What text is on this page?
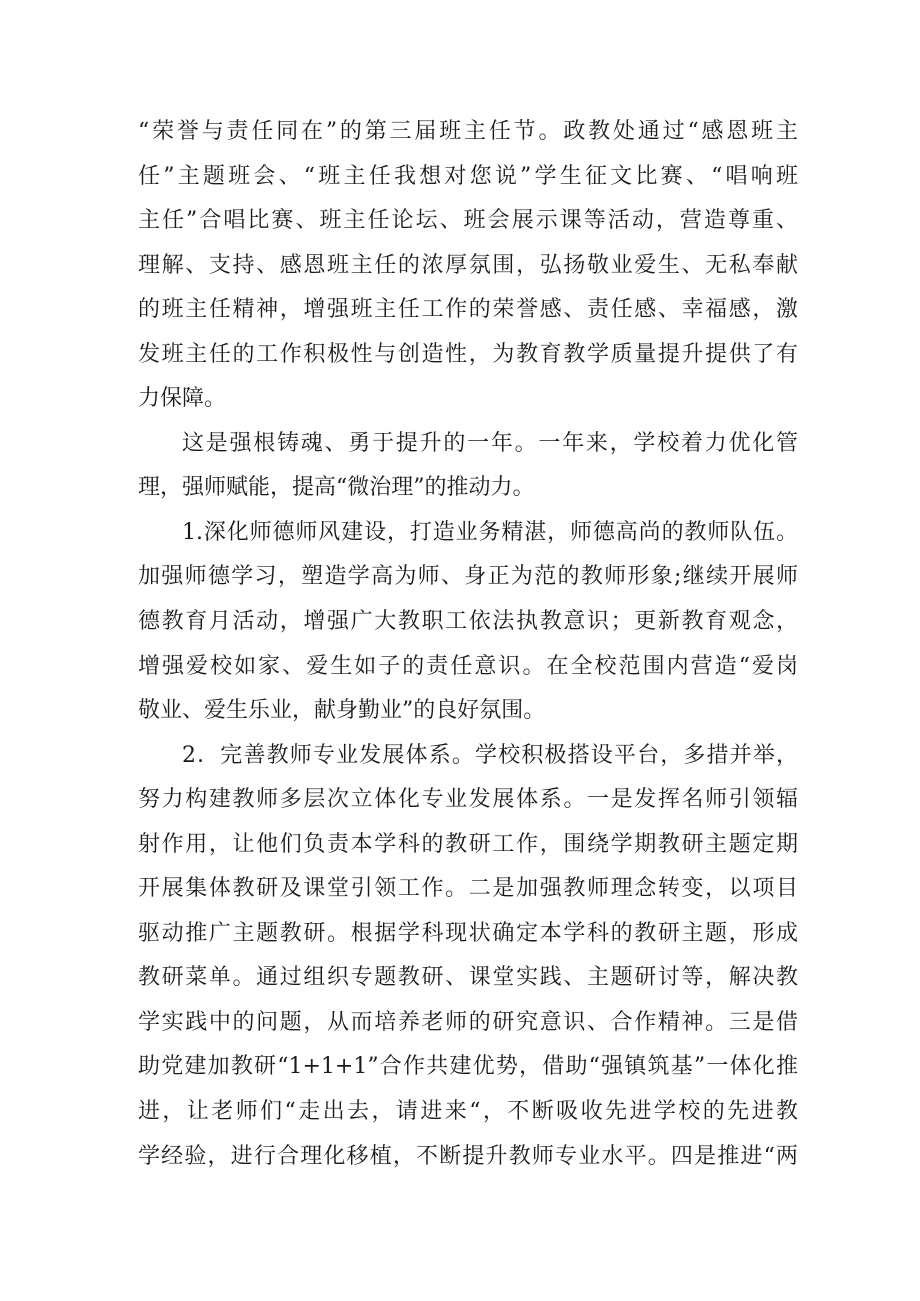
“荣誉与责任同在”的第三届班主任节。政教处通过“感恩班主
任”主题班会、“班主任我想对您说”学生征文比赛、“唱响班
主任”合唱比赛、班主任论坛、班会展示课等活动，营造尊重、
理解、支持、感恩班主任的浓厚氛围，弘扬敬业爱生、无私奉献
的班主任精神，增强班主任工作的荣誉感、责任感、幸福感，激
发班主任的工作积极性与创造性，为教育教学质量提升提供了有
力保障。
这是强根铸魂、勇于提升的一年。一年来，学校着力优化管
理，强师赋能，提高“微治理”的推动力。
1.深化师德师风建设，打造业务精湛，师德高尚的教师队伍。
加强师德学习，塑造学高为师、身正为范的教师形象;继续开展师
德教育月活动，增强广大教职工依法执教意识；更新教育观念，
增强爱校如家、爱生如子的责任意识。在全校范围内营造“爱岗
敬业、爱生乐业，献身勤业”的良好氛围。
2．完善教师专业发展体系。学校积极搭设平台，多措并举，
努力构建教师多层次立体化专业发展体系。一是发挥名师引领辐
射作用，让他们负责本学科的教研工作，围绕学期教研主题定期
开展集体教研及课堂引领工作。二是加强教师理念转变，以项目
驱动推广主题教研。根据学科现状确定本学科的教研主题，形成
教研菜单。通过组织专题教研、课堂实践、主题研讨等，解决教
学实践中的问题，从而培养老师的研究意识、合作精神。三是借
助党建加教研“1+1+1”合作共建优势，借助“强镇筑基”一体化推
进，让老师们“走出去，请进来“，不断吸收先进学校的先进教
学经验，进行合理化移植，不断提升教师专业水平。四是推进“两
